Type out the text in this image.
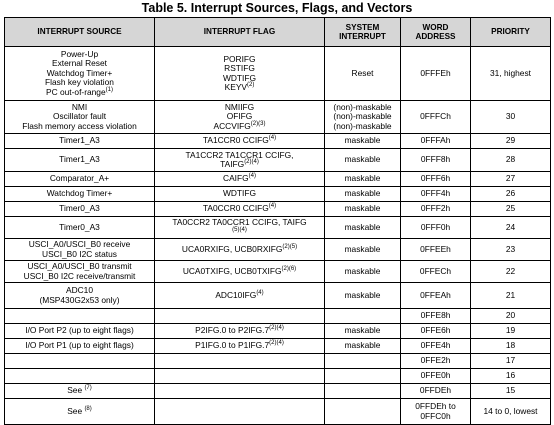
Table 5. Interrupt Sources, Flags, and Vectors
INTERRUPT SOURCE	INTERRUPT FLAG	SYSTEM INTERRUPT	WORD ADDRESS	PRIORITY

Power-Up
External Reset
Watchdog Timer+
Flash key violation
PC out-of-range$^{(1)}$	PORIFG
RSTIFG
WDTIFG
KEYV$^{(2)}$	Reset	0FFFEh	31, highest

NMI
Oscillator fault
Flash memory access violation	NMIIFG
OFIFG
$ACCVIFG^{(2)(3)}$	(non)-maskable
(non)-maskable
(non)-maskable	0FFFCh	30

Timer1_A3	TA1CCR0 CCIFG$^{(4)}$	maskable	0FFFAh	29

Timer1_A3	TA1CCR2 TA1CCR1 CCIFG,
$TAIFG^{(2)(4)}$	maskable	0FFF8h	28

Comparator_A+	$CAIFG^{(4)}$	maskable	0FFF6h	27

Watchdog Timer+	WDTIFG	maskable	0FFF4h	26

Timer0_A3	TA0CCR0 CCIFG$^{(4)}$	maskable	0FFF2h	25

Timer0_A3	TA0CCR2 TA0CCR1 CCIFG, TAIFG
$^{(5)(4)}$	maskable	0FFF0h	24

USCI_A0/USCI_B0 receive
USCI_B0 I2C status	UCA0RXIFG, $UCB0RXIFG^{(2)(5)}$	maskable	0FFEEh	23

USCI_A0/USCI_B0 transmit
USCI_B0 I2C receive/transmit	UCA0TXIFG, $UCB0TXIFG^{(2)(6)}$	maskable	0FFECh	22

ADC10
(MSP430G2x53 only)	ADC10IFG$^{(4)}$	maskable	0FFEAh	21

			0FFE8h	20

I/O Port P2 (up to eight flags)	P2IFG.0 to $P2IFG.7^{(2)(4)}$	maskable	0FFE6h	19

I/O Port P1 (up to eight flags)	P1IFG.0 to $P1IFG.7^{(2)(4)}$	maskable	0FFE4h	18

			0FFE2h	17

			0FFE0h	16

See $^{(7)}$			0FFDEh	15

See $^{(8)}$			0FFDEh to
0FFC0h	14 to 0, lowest
